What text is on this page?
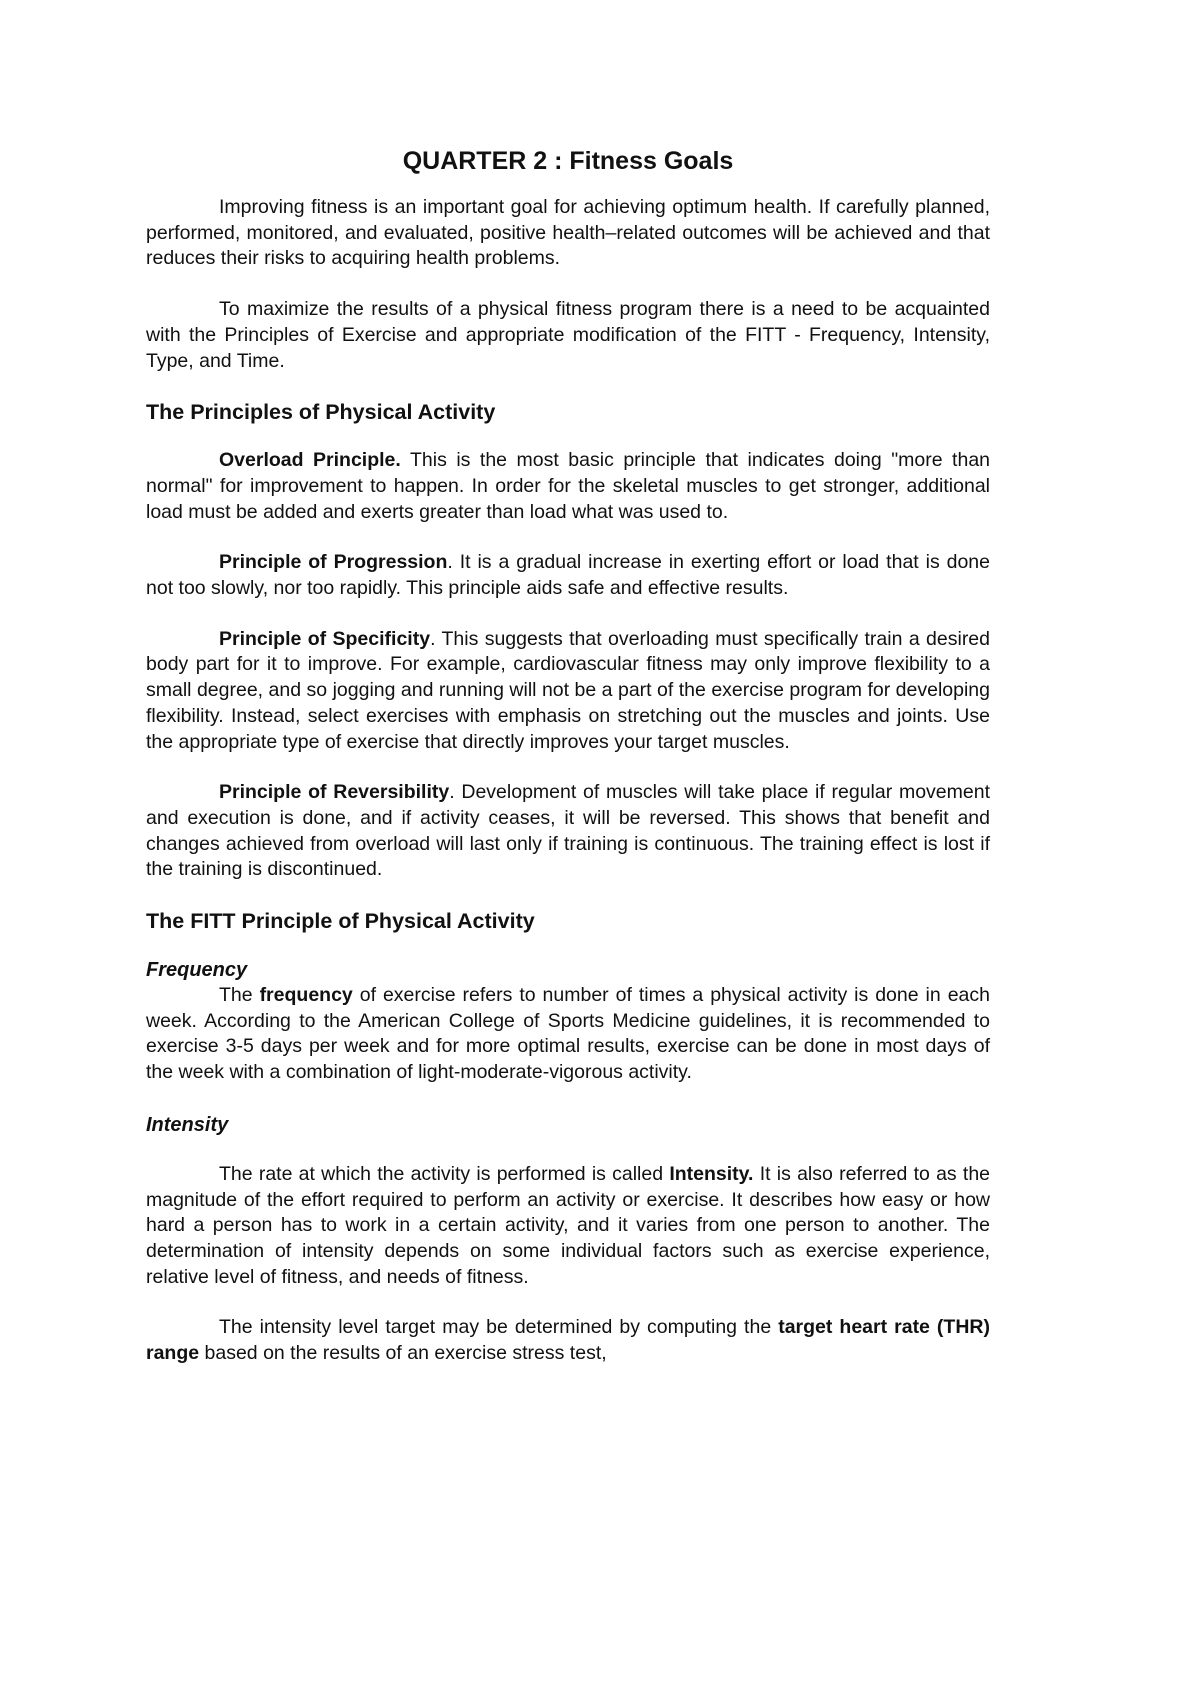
QUARTER 2 : Fitness Goals

Improving fitness is an important goal for achieving optimum health. If carefully planned, performed, monitored, and evaluated, positive health–related outcomes will be achieved and that reduces their risks to acquiring health problems.

To maximize the results of a physical fitness program there is a need to be acquainted with the Principles of Exercise and appropriate modification of the FITT - Frequency, Intensity, Type, and Time.

The Principles of Physical Activity

Overload Principle. This is the most basic principle that indicates doing "more than normal" for improvement to happen. In order for the skeletal muscles to get stronger, additional load must be added and exerts greater than load what was used to.

Principle of Progression. It is a gradual increase in exerting effort or load that is done not too slowly, nor too rapidly. This principle aids safe and effective results.

Principle of Specificity. This suggests that overloading must specifically train a desired body part for it to improve. For example, cardiovascular fitness may only improve flexibility to a small degree, and so jogging and running will not be a part of the exercise program for developing flexibility. Instead, select exercises with emphasis on stretching out the muscles and joints. Use the appropriate type of exercise that directly improves your target muscles.

Principle of Reversibility. Development of muscles will take place if regular movement and execution is done, and if activity ceases, it will be reversed. This shows that benefit and changes achieved from overload will last only if training is continuous. The training effect is lost if the training is discontinued.

The FITT Principle of Physical Activity

Frequency

The frequency of exercise refers to number of times a physical activity is done in each week. According to the American College of Sports Medicine guidelines, it is recommended to exercise 3-5 days per week and for more optimal results, exercise can be done in most days of the week with a combination of light-moderate-vigorous activity.

Intensity

The rate at which the activity is performed is called Intensity. It is also referred to as the magnitude of the effort required to perform an activity or exercise. It describes how easy or how hard a person has to work in a certain activity, and it varies from one person to another. The determination of intensity depends on some individual factors such as exercise experience, relative level of fitness, and needs of fitness.

The intensity level target may be determined by computing the target heart rate (THR) range based on the results of an exercise stress test,
